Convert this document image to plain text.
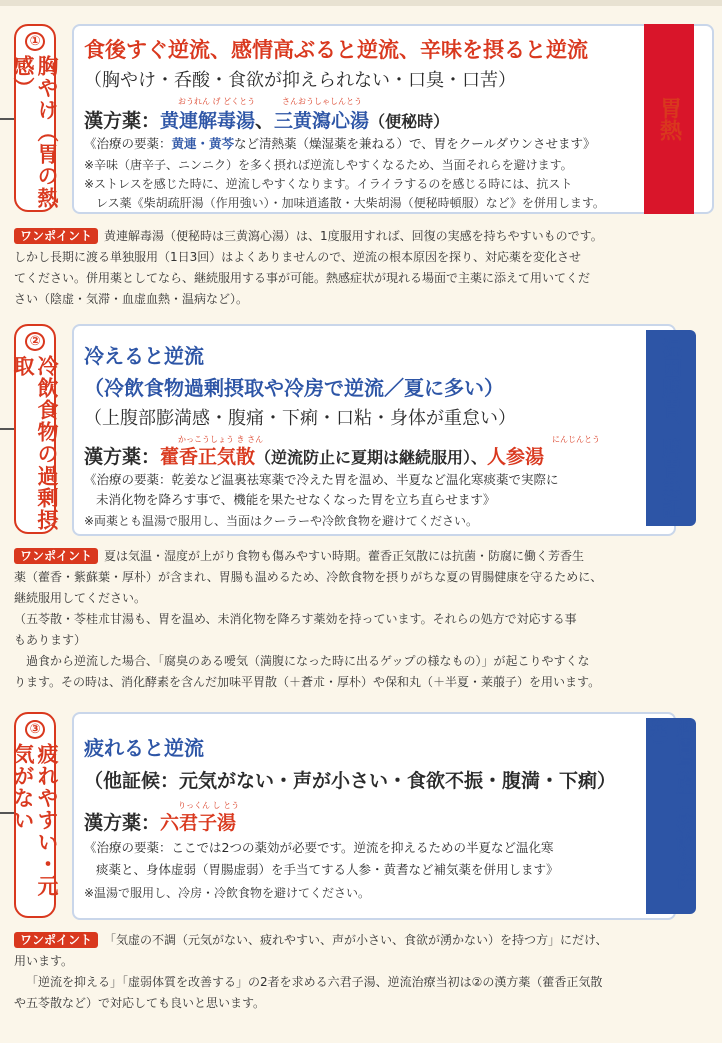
①
胸やけ（胃の熱感）
食後すぐ逆流、感情高ぶると逆流、辛味を摂ると逆流
（胸やけ・呑酸・食欲が抑えられない・口臭・口苦）
おうれん げ どくとう	さんおうしゃしんとう
漢方薬：黄連解毒湯、三黄瀉心湯（便秘時）
《治療の要薬：黄連・黄芩など清熱薬（燥湿薬を兼ねる）で、胃をクールダウンさせます》
※辛味（唐辛子、ニンニク）を多く摂れば逆流しやすくなるため、当面それらを避けます。
※ストレスを感じた時に、逆流しやすくなります。イライラするのを感じる時には、抗スト
レス薬《柴胡疏肝湯（作用強い）・加味逍遙散・大柴胡湯（便秘時頓服）など》を併用します。
胃熱
ワンポイント 黄連解毒湯（便秘時は三黄瀉心湯）は、1度服用すれば、回復の実感を持ちやすいものです。
しかし長期に渡る単独服用（1日3回）はよくありませんので、逆流の根本原因を探り、対応薬を変化させ
てください。併用薬としてなら、継続服用する事が可能。熱感症状が現れる場面で主薬に添えて用いてくだ
さい（陰虚・気滞・血虚血熱・温病など）。
②
冷飲食物の過剰摂取	冷えると逆流
（冷飲食物過剰摂取や冷房で逆流／夏に多い）
（上腹部膨満感・腹痛・下痢・口粘・身体が重怠い）
かっこうしょう き さん	にんじんとう
漢方薬：藿香正気散（逆流防止に夏期は継続服用）、人参湯
《治療の要薬：乾姜など温裏祛寒薬で冷えた胃を温め、半夏など温化寒痰薬で実際に
未消化物を降ろす事で、機能を果たせなくなった胃を立ち直らせます》
※両薬とも温湯で服用し、当面はクーラーや冷飲食物を避けてください。
湿困脾胃、脾胃寒証
ワンポイント 夏は気温・湿度が上がり食物も傷みやすい時期。藿香正気散には抗菌・防腐に働く芳香生
薬（藿香・紫蘇葉・厚朴）が含まれ、胃腸も温めるため、冷飲食物を摂りがちな夏の胃腸健康を守るために、
継続服用してください。
（五苓散・苓桂朮甘湯も、胃を温め、未消化物を降ろす薬効を持っています。それらの処方で対応する事
もあります）
過食から逆流した場合、「腐臭のある噯気（満腹になった時に出るゲップの様なもの）」が起こりやすくな
ります。その時は、消化酵素を含んだ加味平胃散（＋蒼朮・厚朴）や保和丸（＋半夏・莱菔子）を用います。
③
疲れやすい・元気がない	疲れると逆流
（他証候：元気がない・声が小さい・食欲不振・腹満・下痢）
りっくん し とう
漢方薬：六君子湯
《治療の要薬：ここでは2つの薬効が必要です。逆流を抑えるための半夏など温化寒
痰薬と、身体虚弱（胃腸虚弱）を手当てする人参・黄耆など補気薬を併用します》
※温湯で服用し、冷房・冷飲食物を避けてください。
脾胃気虚（痰飲を併発）
ワンポイント 「気虚の不調（元気がない、疲れやすい、声が小さい、食欲が湧かない）を持つ方」にだけ、
用います。
「逆流を抑える」「虚弱体質を改善する」の2者を求める六君子湯、逆流治療当初は②の漢方薬（藿香正気散
や五苓散など）で対応しても良いと思います。
